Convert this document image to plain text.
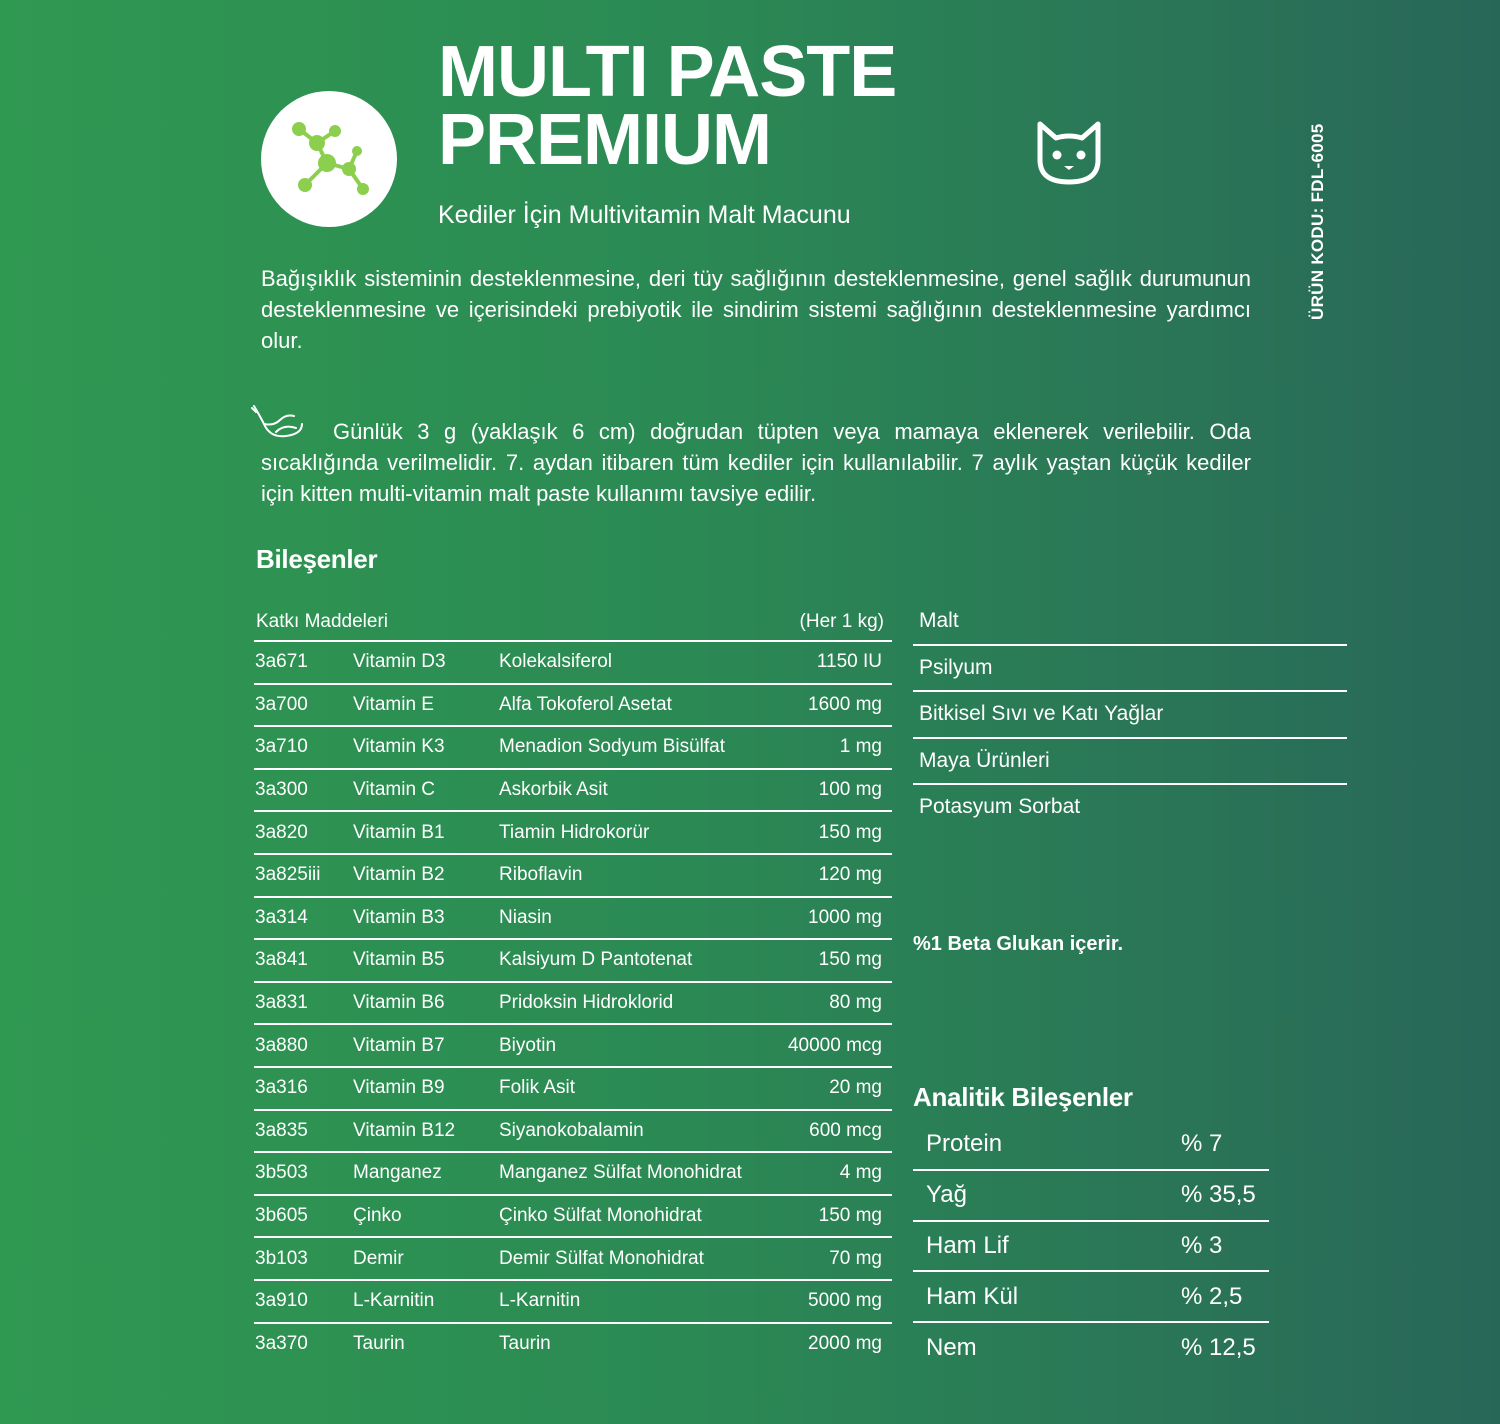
MULTI PASTE
PREMIUM
Kediler İçin Multivitamin Malt Macunu	ÜRÜN KODU: FDL-6005
Bağışıklık sisteminin desteklenmesine, deri tüy sağlığının desteklenmesine, genel sağlık durumunun desteklenmesine ve içerisindeki prebiyotik ile sindirim sistemi sağlığının desteklenmesine yardımcı olur.
Günlük 3 g (yaklaşık 6 cm) doğrudan tüpten veya mamaya eklenerek verilebilir. Oda sıcaklığında verilmelidir. 7. aydan itibaren tüm kediler için kullanılabilir. 7 aylık yaştan küçük kediler için kitten multi-vitamin malt paste kullanımı tavsiye edilir.
Bileşenler
Katkı Maddeleri	(Her 1 kg)
3a671	Vitamin D3	Kolekalsiferol	1150 IU
3a700	Vitamin E	Alfa Tokoferol Asetat	1600 mg
3a710	Vitamin K3	Menadion Sodyum Bisülfat	1 mg
3a300	Vitamin C	Askorbik Asit	100 mg
3a820	Vitamin B1	Tiamin Hidrokorür	150 mg
3a825iii	Vitamin B2	Riboflavin	120 mg
3a314	Vitamin B3	Niasin	1000 mg
3a841	Vitamin B5	Kalsiyum D Pantotenat	150 mg
3a831	Vitamin B6	Pridoksin Hidroklorid	80 mg
3a880	Vitamin B7	Biyotin	40000 mcg
3a316	Vitamin B9	Folik Asit	20 mg
3a835	Vitamin B12	Siyanokobalamin	600 mcg
3b503	Manganez	Manganez Sülfat Monohidrat	4 mg
3b605	Çinko	Çinko Sülfat Monohidrat	150 mg
3b103	Demir	Demir Sülfat Monohidrat	70 mg
3a910	L-Karnitin	L-Karnitin	5000 mg
3a370	Taurin	Taurin	2000 mg
Malt
Psilyum
Bitkisel Sıvı ve Katı Yağlar
Maya Ürünleri
Potasyum Sorbat
%1 Beta Glukan içerir.
Analitik Bileşenler
Protein	% 7
Yağ	% 35,5
Ham Lif	% 3
Ham Kül	% 2,5
Nem	% 12,5
